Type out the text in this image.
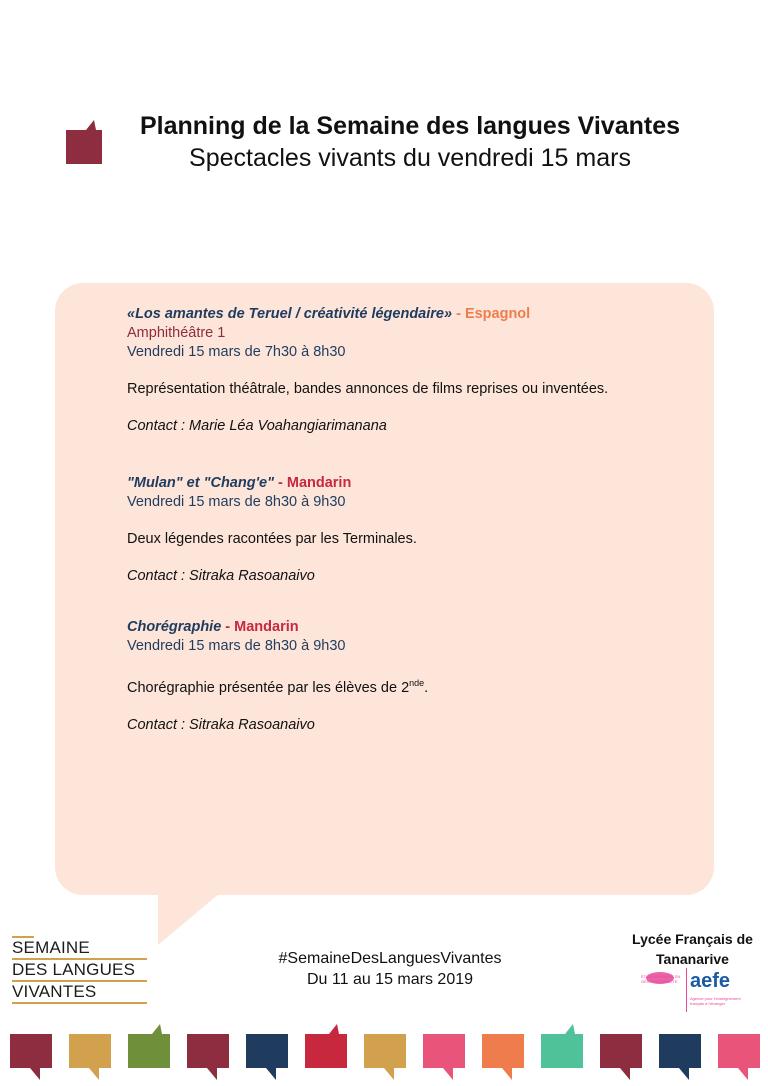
Planning de la Semaine des langues Vivantes
Spectacles vivants du vendredi 15 mars

«Los amantes de Teruel / créativité légendaire» - Espagnol

Amphithéâtre 1

Vendredi 15 mars de 7h30 à 8h30

Représentation théâtrale, bandes annonces de films reprises ou inventées.

Contact : Marie Léa Voahangiarimanana

"Mulan" et "Chang'e" - Mandarin

Vendredi 15 mars de 8h30 à 9h30

Deux légendes racontées par les Terminales.

Contact : Sitraka Rasoanaivo

Chorégraphie - Mandarin

Vendredi 15 mars de 8h30 à 9h30

Chorégraphie présentée par les élèves de 2nde.

Contact : Sitraka Rasoanaivo

SEMAINE
DES LANGUES
VIVANTES
#SemaineDesLanguesVivantes
Du 11 au 15 mars 2019
Lycée Français de Tananarive
ÉTABLISSEMENT EN GESTION DIRECTE aefe
Agence pour l'enseignement français à l'étranger
